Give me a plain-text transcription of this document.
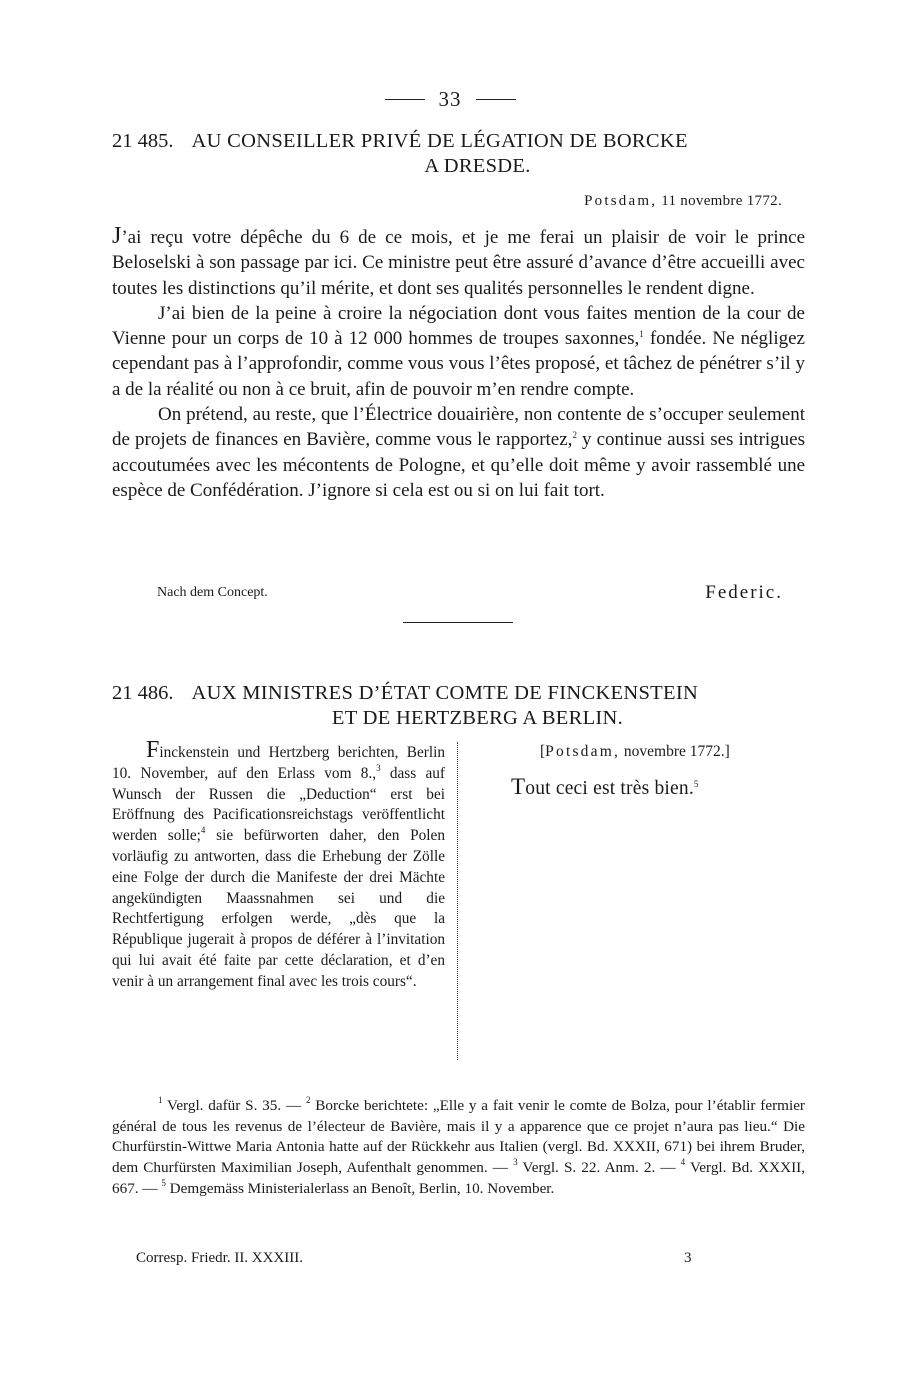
33
21 485. AU CONSEILLER PRIVÉ DE LÉGATION DE BORCKE
A DRESDE.
Potsdam, 11 novembre 1772.

J’ai reçu votre dépêche du 6 de ce mois, et je me ferai un plaisir de voir le prince Beloselski à son passage par ici. Ce ministre peut être assuré d’avance d’être accueilli avec toutes les distinctions qu’il mérite, et dont ses qualités personnelles le rendent digne.

J’ai bien de la peine à croire la négociation dont vous faites mention de la cour de Vienne pour un corps de 10 à 12 000 hommes de troupes saxonnes,$^1$ fondée. Ne négligez cependant pas à l’approfondir, comme vous vous l’êtes proposé, et tâchez de pénétrer s’il y a de la réalité ou non à ce bruit, afin de pouvoir m’en rendre compte.

On prétend, au reste, que l’Électrice douairière, non contente de s’occuper seulement de projets de finances en Bavière, comme vous le rapportez,$^2$ y continue aussi ses intrigues accoutumées avec les mécontents de Pologne, et qu’elle doit même y avoir rassemblé une espèce de Confédération. J’ignore si cela est ou si on lui fait tort.

Nach dem Concept.	Federic.
21 486. AUX MINISTRES D’ÉTAT COMTE DE FINCKENSTEIN
ET DE HERTZBERG A BERLIN.

Finckenstein und Hertzberg berichten, Berlin 10. November, auf den Erlass vom 8.,$^3$ dass auf Wunsch der Russen die „Deduction“ erst bei Eröffnung des Pacificationsreichstags veröffentlicht werden solle;$^4$ sie befürworten daher, den Polen vorläufig zu antworten, dass die Erhebung der Zölle eine Folge der durch die Manifeste der drei Mächte angekündigten Maassnahmen sei und die Rechtfertigung erfolgen werde, „dès que la République jugerait à propos de déférer à l’invitation qui lui avait été faite par cette déclaration, et d’en venir à un arrangement final avec les trois cours“.

[Potsdam, novembre 1772.]
Tout ceci est très bien.$^5$

$^1$ Vergl. dafür S. 35. — $^2$ Borcke berichtete: „Elle y a fait venir le comte de Bolza, pour l’établir fermier général de tous les revenus de l’électeur de Bavière, mais il y a apparence que ce projet n’aura pas lieu.“ Die Churfürstin-Wittwe Maria Antonia hatte auf der Rückkehr aus Italien (vergl. Bd. XXXII, 671) bei ihrem Bruder, dem Churfürsten Maximilian Joseph, Aufenthalt genommen. — $^3$ Vergl. S. 22. Anm. 2. — $^4$ Vergl. Bd. XXXII, 667. — $^5$ Demgemäss Ministerialerlass an Benoît, Berlin, 10. November.

Corresp. Friedr. II. XXXIII.	3
